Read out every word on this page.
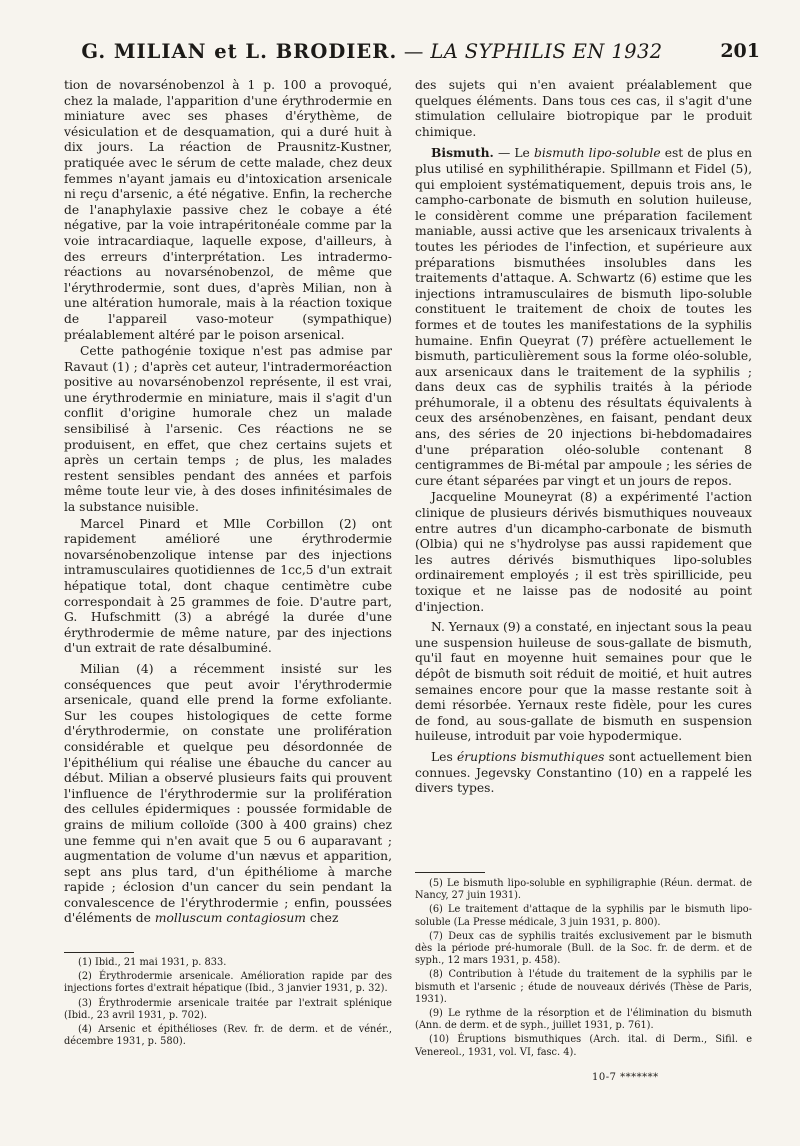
G. MILIAN et L. BRODIER. — LA SYPHILIS EN 1932	201

tion de novarsénobenzol à 1 p. 100 a provoqué, chez la malade, l'apparition d'une érythrodermie en miniature avec ses phases d'érythème, de vésiculation et de desquamation, qui a duré huit à dix jours. La réaction de Prausnitz-Kustner, pratiquée avec le sérum de cette malade, chez deux femmes n'ayant jamais eu d'intoxication arsenicale ni reçu d'arsenic, a été négative. Enfin, la recherche de l'anaphylaxie passive chez le cobaye a été négative, par la voie intrapéritonéale comme par la voie intracardiaque, laquelle expose, d'ailleurs, à des erreurs d'interprétation. Les intradermo-réactions au novarsénobenzol, de même que l'érythrodermie, sont dues, d'après Milian, non à une altération humorale, mais à la réaction toxique de l'appareil vaso-moteur (sympathique) préalablement altéré par le poison arsenical.

Cette pathogénie toxique n'est pas admise par Ravaut (1) ; d'après cet auteur, l'intradermoréaction positive au novarsénobenzol représente, il est vrai, une érythrodermie en miniature, mais il s'agit d'un conflit d'origine humorale chez un malade sensibilisé à l'arsenic. Ces réactions ne se produisent, en effet, que chez certains sujets et après un certain temps ; de plus, les malades restent sensibles pendant des années et parfois même toute leur vie, à des doses infinitésimales de la substance nuisible.

Marcel Pinard et Mlle Corbillon (2) ont rapidement amélioré une érythrodermie novarsénobenzolique intense par des injections intramusculaires quotidiennes de 1cc,5 d'un extrait hépatique total, dont chaque centimètre cube correspondait à 25 grammes de foie. D'autre part, G. Hufschmitt (3) a abrégé la durée d'une érythrodermie de même nature, par des injections d'un extrait de rate désalbuminé.

Milian (4) a récemment insisté sur les conséquences que peut avoir l'érythrodermie arsenicale, quand elle prend la forme exfoliante. Sur les coupes histologiques de cette forme d'érythrodermie, on constate une prolifération considérable et quelque peu désordonnée de l'épithélium qui réalise une ébauche du cancer au début. Milian a observé plusieurs faits qui prouvent l'influence de l'érythrodermie sur la prolifération des cellules épidermiques : poussée formidable de grains de milium colloïde (300 à 400 grains) chez une femme qui n'en avait que 5 ou 6 auparavant ; augmentation de volume d'un nævus et apparition, sept ans plus tard, d'un épithéliome à marche rapide ; éclosion d'un cancer du sein pendant la convalescence de l'érythrodermie ; enfin, poussées d'éléments de molluscum contagiosum chez

(1) Ibid., 21 mai 1931, p. 833.

(2) Érythrodermie arsenicale. Amélioration rapide par des injections fortes d'extrait hépatique (Ibid., 3 janvier 1931, p. 32).

(3) Érythrodermie arsenicale traitée par l'extrait splénique (Ibid., 23 avril 1931, p. 702).

(4) Arsenic et épithélioses (Rev. fr. de derm. et de vénér., décembre 1931, p. 580).

des sujets qui n'en avaient préalablement que quelques éléments. Dans tous ces cas, il s'agit d'une stimulation cellulaire biotropique par le produit chimique.

Bismuth. — Le bismuth lipo-soluble est de plus en plus utilisé en syphilithérapie. Spillmann et Fidel (5), qui emploient systématiquement, depuis trois ans, le campho-carbonate de bismuth en solution huileuse, le considèrent comme une préparation facilement maniable, aussi active que les arsenicaux trivalents à toutes les périodes de l'infection, et supérieure aux préparations bismuthées insolubles dans les traitements d'attaque. A. Schwartz (6) estime que les injections intramusculaires de bismuth lipo-soluble constituent le traitement de choix de toutes les formes et de toutes les manifestations de la syphilis humaine. Enfin Queyrat (7) préfère actuellement le bismuth, particulièrement sous la forme oléo-soluble, aux arsenicaux dans le traitement de la syphilis ; dans deux cas de syphilis traités à la période préhumorale, il a obtenu des résultats équivalents à ceux des arsénobenzènes, en faisant, pendant deux ans, des séries de 20 injections bi-hebdomadaires d'une préparation oléo-soluble contenant 8 centigrammes de Bi-métal par ampoule ; les séries de cure étant séparées par vingt et un jours de repos.

Jacqueline Mouneyrat (8) a expérimenté l'action clinique de plusieurs dérivés bismuthiques nouveaux entre autres d'un dicampho-carbonate de bismuth (Olbia) qui ne s'hydrolyse pas aussi rapidement que les autres dérivés bismuthiques lipo-solubles ordinairement employés ; il est très spirillicide, peu toxique et ne laisse pas de nodosité au point d'injection.

N. Yernaux (9) a constaté, en injectant sous la peau une suspension huileuse de sous-gallate de bismuth, qu'il faut en moyenne huit semaines pour que le dépôt de bismuth soit réduit de moitié, et huit autres semaines encore pour que la masse restante soit à demi résorbée. Yernaux reste fidèle, pour les cures de fond, au sous-gallate de bismuth en suspension huileuse, introduit par voie hypodermique.

Les éruptions bismuthiques sont actuellement bien connues. Jegevsky Constantino (10) en a rappelé les divers types.

(5) Le bismuth lipo-soluble en syphiligraphie (Réun. dermat. de Nancy, 27 juin 1931).

(6) Le traitement d'attaque de la syphilis par le bismuth lipo-soluble (La Presse médicale, 3 juin 1931, p. 800).

(7) Deux cas de syphilis traités exclusivement par le bismuth dès la période pré-humorale (Bull. de la Soc. fr. de derm. et de syph., 12 mars 1931, p. 458).

(8) Contribution à l'étude du traitement de la syphilis par le bismuth et l'arsenic ; étude de nouveaux dérivés (Thèse de Paris, 1931).

(9) Le rythme de la résorption et de l'élimination du bismuth (Ann. de derm. et de syph., juillet 1931, p. 761).

(10) Éruptions bismuthiques (Arch. ital. di Derm., Sifil. e Venereol., 1931, vol. VI, fasc. 4).

10-7 *******
